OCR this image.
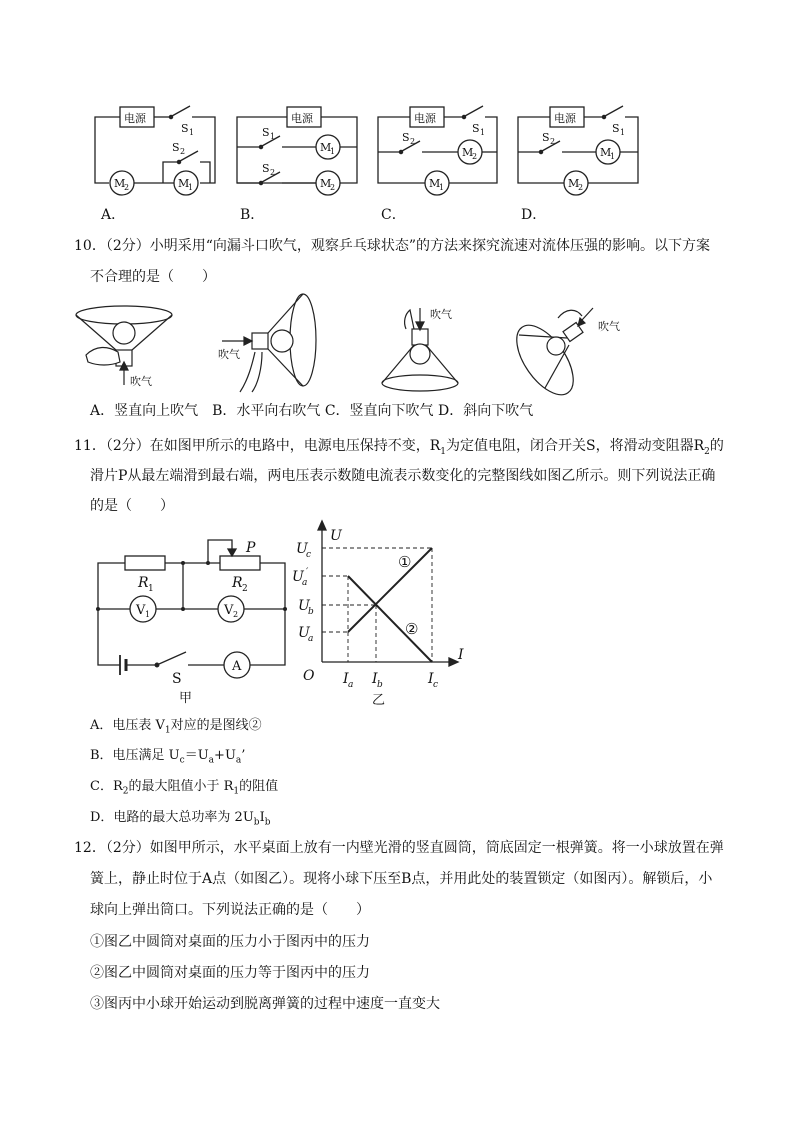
电源
S 1
S 2
M
2	M
1
电源
S 1
S 2
M
1
M
2
电源
S 1
S 2
M
2
M
1
电源
S 1
S 2
M
1
M
2
A．	B．	C．	D．
10．（2分）小明采用“向漏斗口吹气，观察乒乓球状态”的方法来探究流速对流体压强的影响。以下方案
不合理的是（　　）
吹气
吹气
吹气
吹气
A．竖直向上吹气　B．水平向右吹气 C．竖直向下吹气 D．斜向下吹气
11．（2分）在如图甲所示的电路中，电源电压保持不变，$R_1$为定值电阻，闭合开关S，将滑动变阻器$R_2$的
滑片P从最左端滑到最右端，两电压表示数随电流表示数变化的完整图线如图乙所示。则下列说法正确
的是（　　）
R 1	R 2
P
S
V 1	V 2
A
甲
U
I
O
U
c
U
a
′
U
b
U
a
I a I b	I c
①
②
乙
A．电压表 $V_1$对应的是图线②
B．电压满足 $U_c=U_a+U_a$’
C．$R_2$的最大阻值小于 $R_1$的阻值
D．电路的最大总功率为 $2U_bI_b$
12．（2分）如图甲所示，水平桌面上放有一内壁光滑的竖直圆筒，筒底固定一根弹簧。将一小球放置在弹
簧上，静止时位于A点（如图乙）。现将小球下压至B点，并用此处的装置锁定（如图丙）。解锁后，小
球向上弹出筒口。下列说法正确的是（　　）
①图乙中圆筒对桌面的压力小于图丙中的压力
②图乙中圆筒对桌面的压力等于图丙中的压力
③图丙中小球开始运动到脱离弹簧的过程中速度一直变大
